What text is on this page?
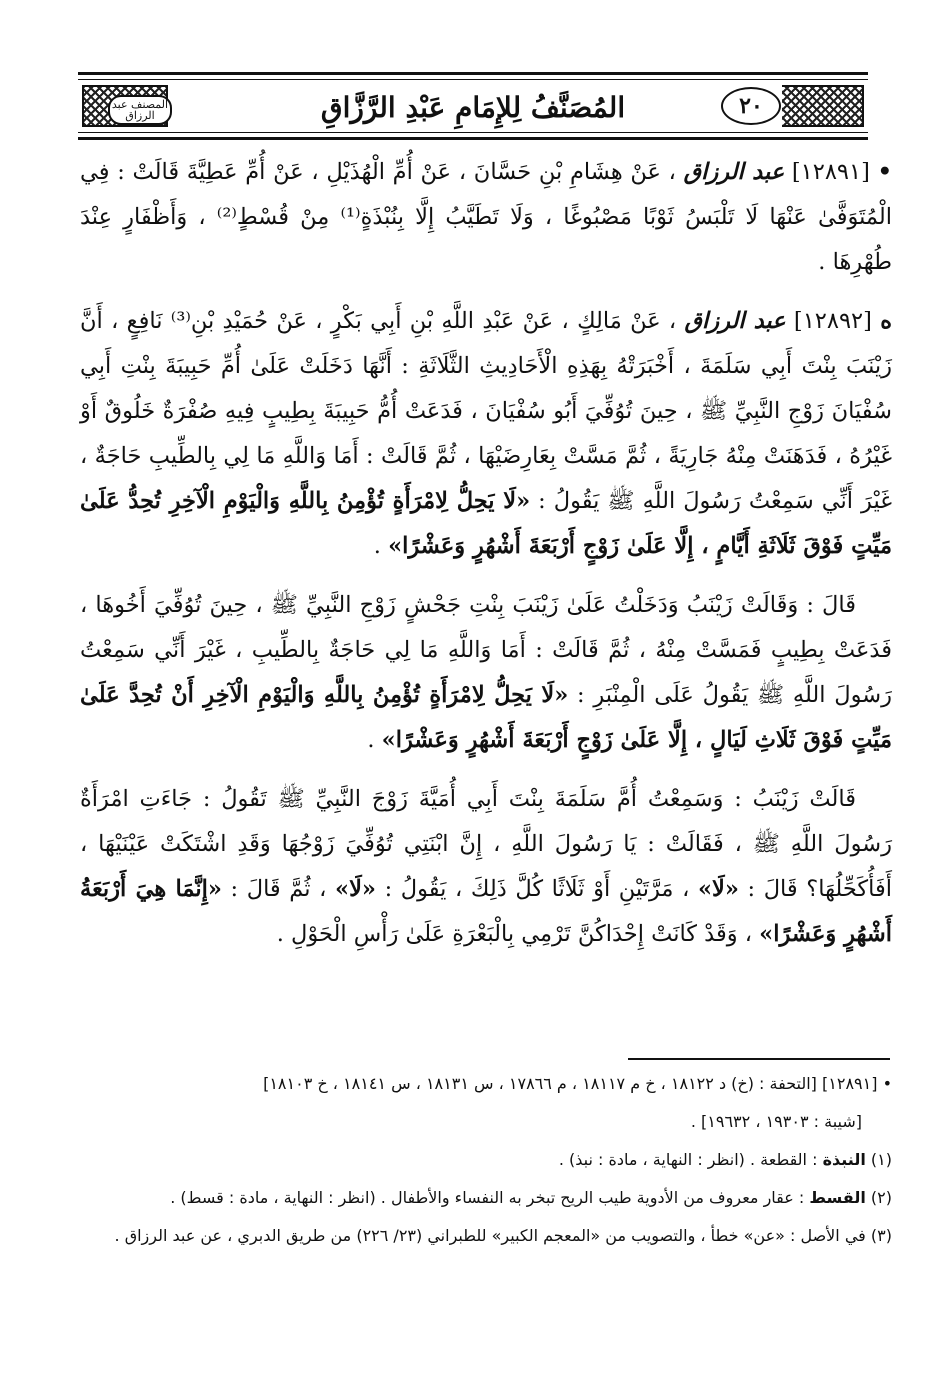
المصنف عبد الرزاق	٢٠
المُصَنَّفُ لِلإِمَامِ عَبْدِ الرَّزَّاقِ

• [١٢٨٩١] عبد الرزاق ، عَنْ هِشَامِ بْنِ حَسَّانَ ، عَنْ أُمِّ الْهُذَيْلِ ، عَنْ أُمِّ عَطِيَّةَ قَالَتْ : فِي الْمُتَوَفَّىٰ عَنْهَا لَا تَلْبَسُ ثَوْبًا مَصْبُوغًا ، وَلَا تَطَيَّبُ إِلَّا بِنُبْذَةٍ⁽¹⁾ مِنْ قُسْطٍ⁽²⁾ ، وَأَظْفَارٍ عِنْدَ طُهْرِهَا .

ه [١٢٨٩٢] عبد الرزاق ، عَنْ مَالِكٍ ، عَنْ عَبْدِ اللَّهِ بْنِ أَبِي بَكْرٍ ، عَنْ حُمَيْدِ بْنِ⁽³⁾ نَافِعٍ ، أَنَّ زَيْنَبَ بِنْتَ أَبِي سَلَمَةَ ، أَخْبَرَتْهُ بِهَذِهِ الْأَحَادِيثِ الثَّلَاثَةِ : أَنَّهَا دَخَلَتْ عَلَىٰ أُمِّ حَبِيبَةَ بِنْتِ أَبِي سُفْيَانَ زَوْجِ النَّبِيِّ ﷺ ، حِينَ تُوُفِّيَ أَبُو سُفْيَانَ ، فَدَعَتْ أُمُّ حَبِيبَةَ بِطِيبٍ فِيهِ صُفْرَةٌ خَلُوقٌ أَوْ غَيْرُهُ ، فَدَهَنَتْ مِنْهُ جَارِيَةً ، ثُمَّ مَسَّتْ بِعَارِضَيْهَا ، ثُمَّ قَالَتْ : أَمَا وَاللَّهِ مَا لِي بِالطِّيبِ حَاجَةٌ ، غَيْرَ أَنِّي سَمِعْتُ رَسُولَ اللَّهِ ﷺ يَقُولُ : «لَا يَحِلُّ لِامْرَأَةٍ تُؤْمِنُ بِاللَّهِ وَالْيَوْمِ الْآخِرِ تُحِدُّ عَلَىٰ مَيِّتٍ فَوْقَ ثَلَاثَةِ أَيَّامٍ ، إِلَّا عَلَىٰ زَوْجٍ أَرْبَعَةَ أَشْهُرٍ وَعَشْرًا» .

قَالَ : وَقَالَتْ زَيْنَبُ وَدَخَلْتُ عَلَىٰ زَيْنَبَ بِنْتِ جَحْشٍ زَوْجِ النَّبِيِّ ﷺ ، حِينَ تُوُفِّيَ أَخُوهَا ، فَدَعَتْ بِطِيبٍ فَمَسَّتْ مِنْهُ ، ثُمَّ قَالَتْ : أَمَا وَاللَّهِ مَا لِي حَاجَةٌ بِالطِّيبِ ، غَيْرَ أَنِّي سَمِعْتُ رَسُولَ اللَّهِ ﷺ يَقُولُ عَلَى الْمِنْبَرِ : «لَا يَحِلُّ لِامْرَأَةٍ تُؤْمِنُ بِاللَّهِ وَالْيَوْمِ الْآخِرِ أَنْ تُحِدَّ عَلَىٰ مَيِّتٍ فَوْقَ ثَلَاثِ لَيَالٍ ، إِلَّا عَلَىٰ زَوْجٍ أَرْبَعَةَ أَشْهُرٍ وَعَشْرًا» .

قَالَتْ زَيْنَبُ : وَسَمِعْتُ أُمَّ سَلَمَةَ بِنْتَ أَبِي أُمَيَّةَ زَوْجَ النَّبِيِّ ﷺ تَقُولُ : جَاءَتِ امْرَأَةٌ رَسُولَ اللَّهِ ﷺ ، فَقَالَتْ : يَا رَسُولَ اللَّهِ ، إِنَّ ابْنَتِي تُوُفِّيَ زَوْجُهَا وَقَدِ اشْتَكَتْ عَيْنَيْهَا ، أَفَأُكَحِّلُهَا؟ قَالَ : «لَا» ، مَرَّتَيْنِ أَوْ ثَلَاثًا كُلَّ ذَلِكَ ، يَقُولُ : «لَا» ، ثُمَّ قَالَ : «إِنَّمَا هِيَ أَرْبَعَةُ أَشْهُرٍ وَعَشْرًا» ، وَقَدْ كَانَتْ إِحْدَاكُنَّ تَرْمِي بِالْبَعْرَةِ عَلَىٰ رَأْسِ الْحَوْلِ .

• [١٢٨٩١] [التحفة : (خ) د ١٨١٢٢ ، خ م ١٨١١٧ ، م ١٧٨٦٦ ، س ١٨١٣١ ، س ١٨١٤١ ، خ ١٨١٠٣]
[شيبة : ١٩٣٠٣ ، ١٩٦٣٢] .
(١) النبذة : القطعة . (انظر : النهاية ، مادة : نبذ) .
(٢) القسط : عقار معروف من الأدوية طيب الريح تبخر به النفساء والأطفال . (انظر : النهاية ، مادة : قسط) .
(٣) في الأصل : «عن» خطأ ، والتصويب من «المعجم الكبير» للطبراني (٢٣/ ٢٢٦) من طريق الدبري ، عن عبد الرزاق .
